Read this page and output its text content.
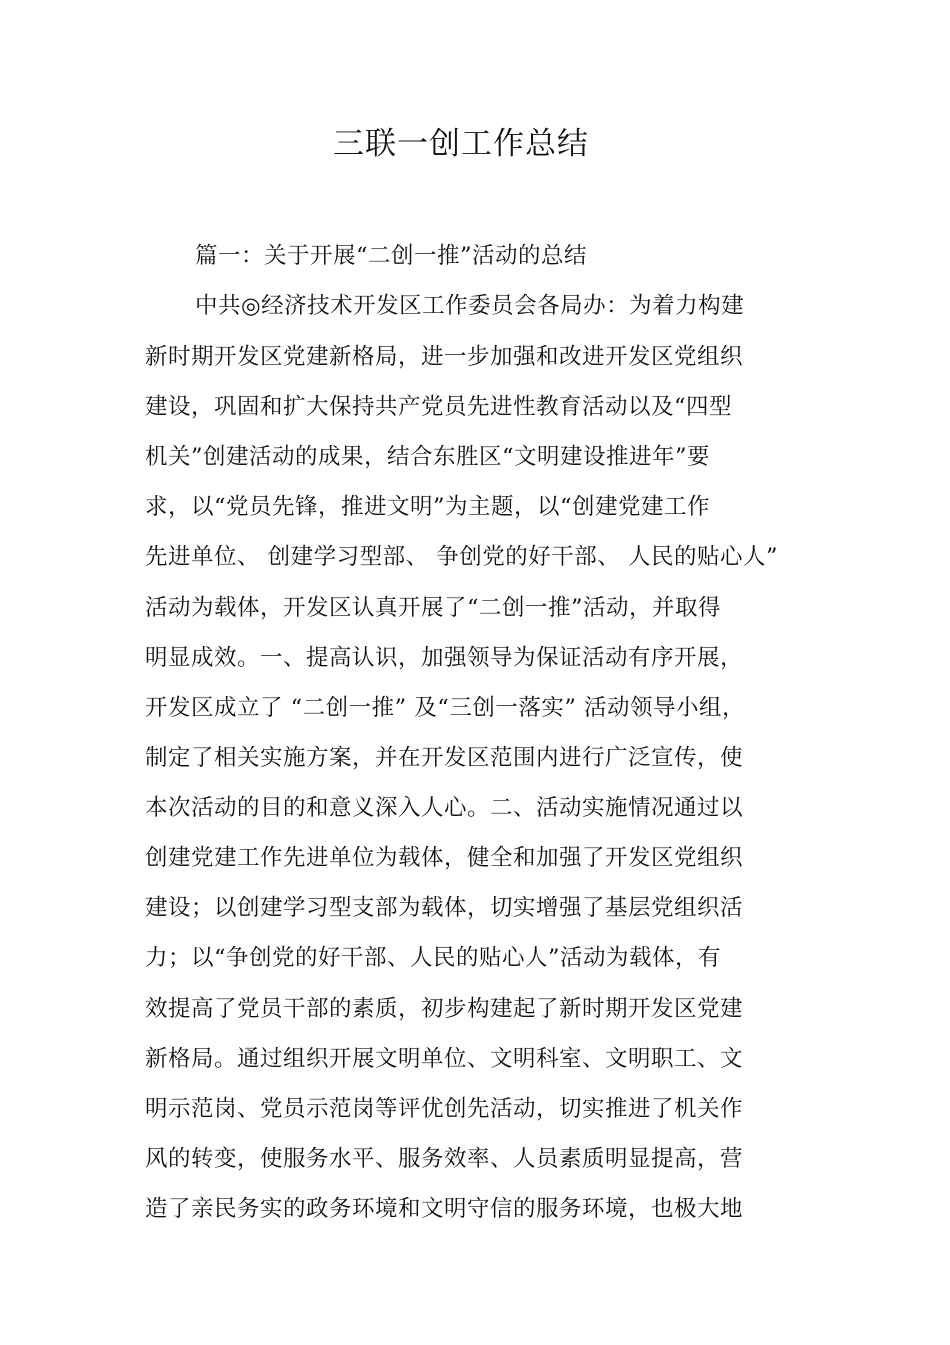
三联一创工作总结
篇一：关于开展“二创一推”活动的总结
中共◎经济技术开发区工作委员会各局办：为着力构建
新时期开发区党建新格局，进一步加强和改进开发区党组织
建设，巩固和扩大保持共产党员先进性教育活动以及“四型
机关”创建活动的成果，结合东胜区“文明建设推进年”要
求，以“党员先锋，推进文明”为主题，以“创建党建工作
先进单位、 创建学习型部、 争创党的好干部、 人民的贴心人”
活动为载体，开发区认真开展了“二创一推”活动，并取得
明显成效。一、提高认识，加强领导为保证活动有序开展，
开发区成立了 “二创一推” 及“三创一落实” 活动领导小组，
制定了相关实施方案，并在开发区范围内进行广泛宣传，使
本次活动的目的和意义深入人心。二、活动实施情况通过以
创建党建工作先进单位为载体，健全和加强了开发区党组织
建设；以创建学习型支部为载体，切实增强了基层党组织活
力；以“争创党的好干部、人民的贴心人”活动为载体，有
效提高了党员干部的素质，初步构建起了新时期开发区党建
新格局。通过组织开展文明单位、文明科室、文明职工、文
明示范岗、党员示范岗等评优创先活动，切实推进了机关作
风的转变，使服务水平、服务效率、人员素质明显提高，营
造了亲民务实的政务环境和文明守信的服务环境，也极大地
